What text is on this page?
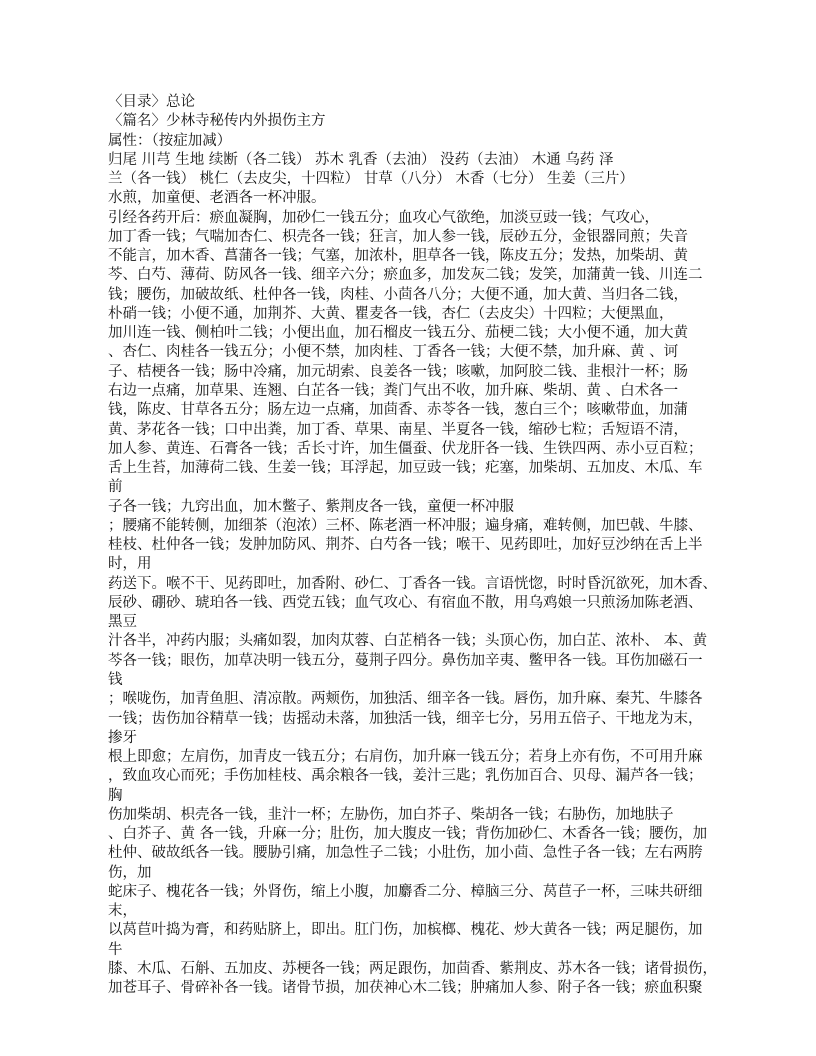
〈目录〉总论
〈篇名〉少林寺秘传内外损伤主方
属性：（按症加减）
归尾 川芎 生地 续断（各二钱） 苏木 乳香（去油） 没药（去油） 木通 乌药 泽
兰（各一钱） 桃仁（去皮尖，十四粒） 甘草（八分） 木香（七分） 生姜（三片）
水煎，加童便、老酒各一杯冲服。
引经各药开后：瘀血凝胸，加砂仁一钱五分；血攻心气欲绝，加淡豆豉一钱；气攻心，
加丁香一钱；气喘加杏仁、枳壳各一钱；狂言，加人参一钱，辰砂五分，金银器同煎；失音
不能言，加木香、菖蒲各一钱；气塞，加浓朴，胆草各一钱，陈皮五分；发热，加柴胡、黄
芩、白芍、薄荷、防风各一钱、细辛六分；瘀血多，加发灰二钱；发笑，加蒲黄一钱、川连二
钱；腰伤，加破故纸、杜仲各一钱，肉桂、小茴各八分；大便不通，加大黄、当归各二钱，
朴硝一钱；小便不通，加荆芥、大黄、瞿麦各一钱，杏仁（去皮尖）十四粒；大便黑血，
加川连一钱、侧柏叶二钱；小便出血，加石榴皮一钱五分、茄梗二钱；大小便不通，加大黄
、杏仁、肉桂各一钱五分；小便不禁，加肉桂、丁香各一钱；大便不禁，加升麻、黄 、诃
子、桔梗各一钱；肠中冷痛，加元胡索、良姜各一钱；咳嗽，加阿胶二钱、韭根汁一杯；肠
右边一点痛，加草果、连翘、白芷各一钱；粪门气出不收，加升麻、柴胡、黄 、白术各一
钱，陈皮、甘草各五分；肠左边一点痛，加茴香、赤苓各一钱，葱白三个；咳嗽带血，加蒲
黄、茅花各一钱；口中出粪，加丁香、草果、南星、半夏各一钱，缩砂七粒；舌短语不清，
加人参、黄连、石膏各一钱；舌长寸许，加生僵蚕、伏龙肝各一钱、生铁四两、赤小豆百粒；
舌上生苔，加薄荷二钱、生姜一钱；耳浮起，加豆豉一钱；疕塞，加柴胡、五加皮、木瓜、车
前
子各一钱；九窍出血，加木鳖子、紫荆皮各一钱，童便一杯冲服
；腰痛不能转侧，加细茶（泡浓）三杯、陈老酒一杯冲服；遍身痛，难转侧，加巴戟、牛膝、
桂枝、杜仲各一钱；发肿加防风、荆芥、白芍各一钱；喉干、见药即吐，加好豆沙纳在舌上半
时，用
药送下。喉不干、见药即吐，加香附、砂仁、丁香各一钱。言语恍惚，时时昏沉欲死，加木香、
辰砂、硼砂、琥珀各一钱、西党五钱；血气攻心、有宿血不散，用乌鸡娘一只煎汤加陈老酒、
黑豆
汁各半，冲药内服；头痛如裂，加肉苁蓉、白芷梢各一钱；头顶心伤，加白芷、浓朴、 本、黄
芩各一钱；眼伤，加草决明一钱五分，蔓荆子四分。鼻伤加辛夷、鳖甲各一钱。耳伤加磁石一
钱
；喉咙伤，加青鱼胆、清凉散。两颊伤，加独活、细辛各一钱。唇伤，加升麻、秦艽、牛膝各
一钱；齿伤加谷精草一钱；齿摇动未落，加独活一钱，细辛七分，另用五倍子、干地龙为末，
掺牙
根上即愈；左肩伤，加青皮一钱五分；右肩伤，加升麻一钱五分；若身上亦有伤，不可用升麻
，致血攻心而死；手伤加桂枝、禹余粮各一钱，姜汁三匙；乳伤加百合、贝母、漏芦各一钱；
胸
伤加柴胡、枳壳各一钱，韭汁一杯；左胁伤，加白芥子、柴胡各一钱；右胁伤，加地肤子
、白芥子、黄 各一钱，升麻一分；肚伤，加大腹皮一钱；背伤加砂仁、木香各一钱；腰伤，加
杜仲、破故纸各一钱。腰胁引痛，加急性子二钱；小肚伤，加小茴、急性子各一钱；左右两胯
伤，加
蛇床子、槐花各一钱；外肾伤，缩上小腹，加麝香二分、樟脑三分、莴苣子一杯，三味共研细
末，
以莴苣叶捣为膏，和药贴脐上，即出。肛门伤，加槟榔、槐花、炒大黄各一钱；两足腿伤，加
牛
膝、木瓜、石斛、五加皮、苏梗各一钱；两足跟伤，加茴香、紫荆皮、苏木各一钱；诸骨损伤，
加苍耳子、骨碎补各一钱。诸骨节损，加茯神心木二钱；肿痛加人参、附子各一钱；瘀血积聚
